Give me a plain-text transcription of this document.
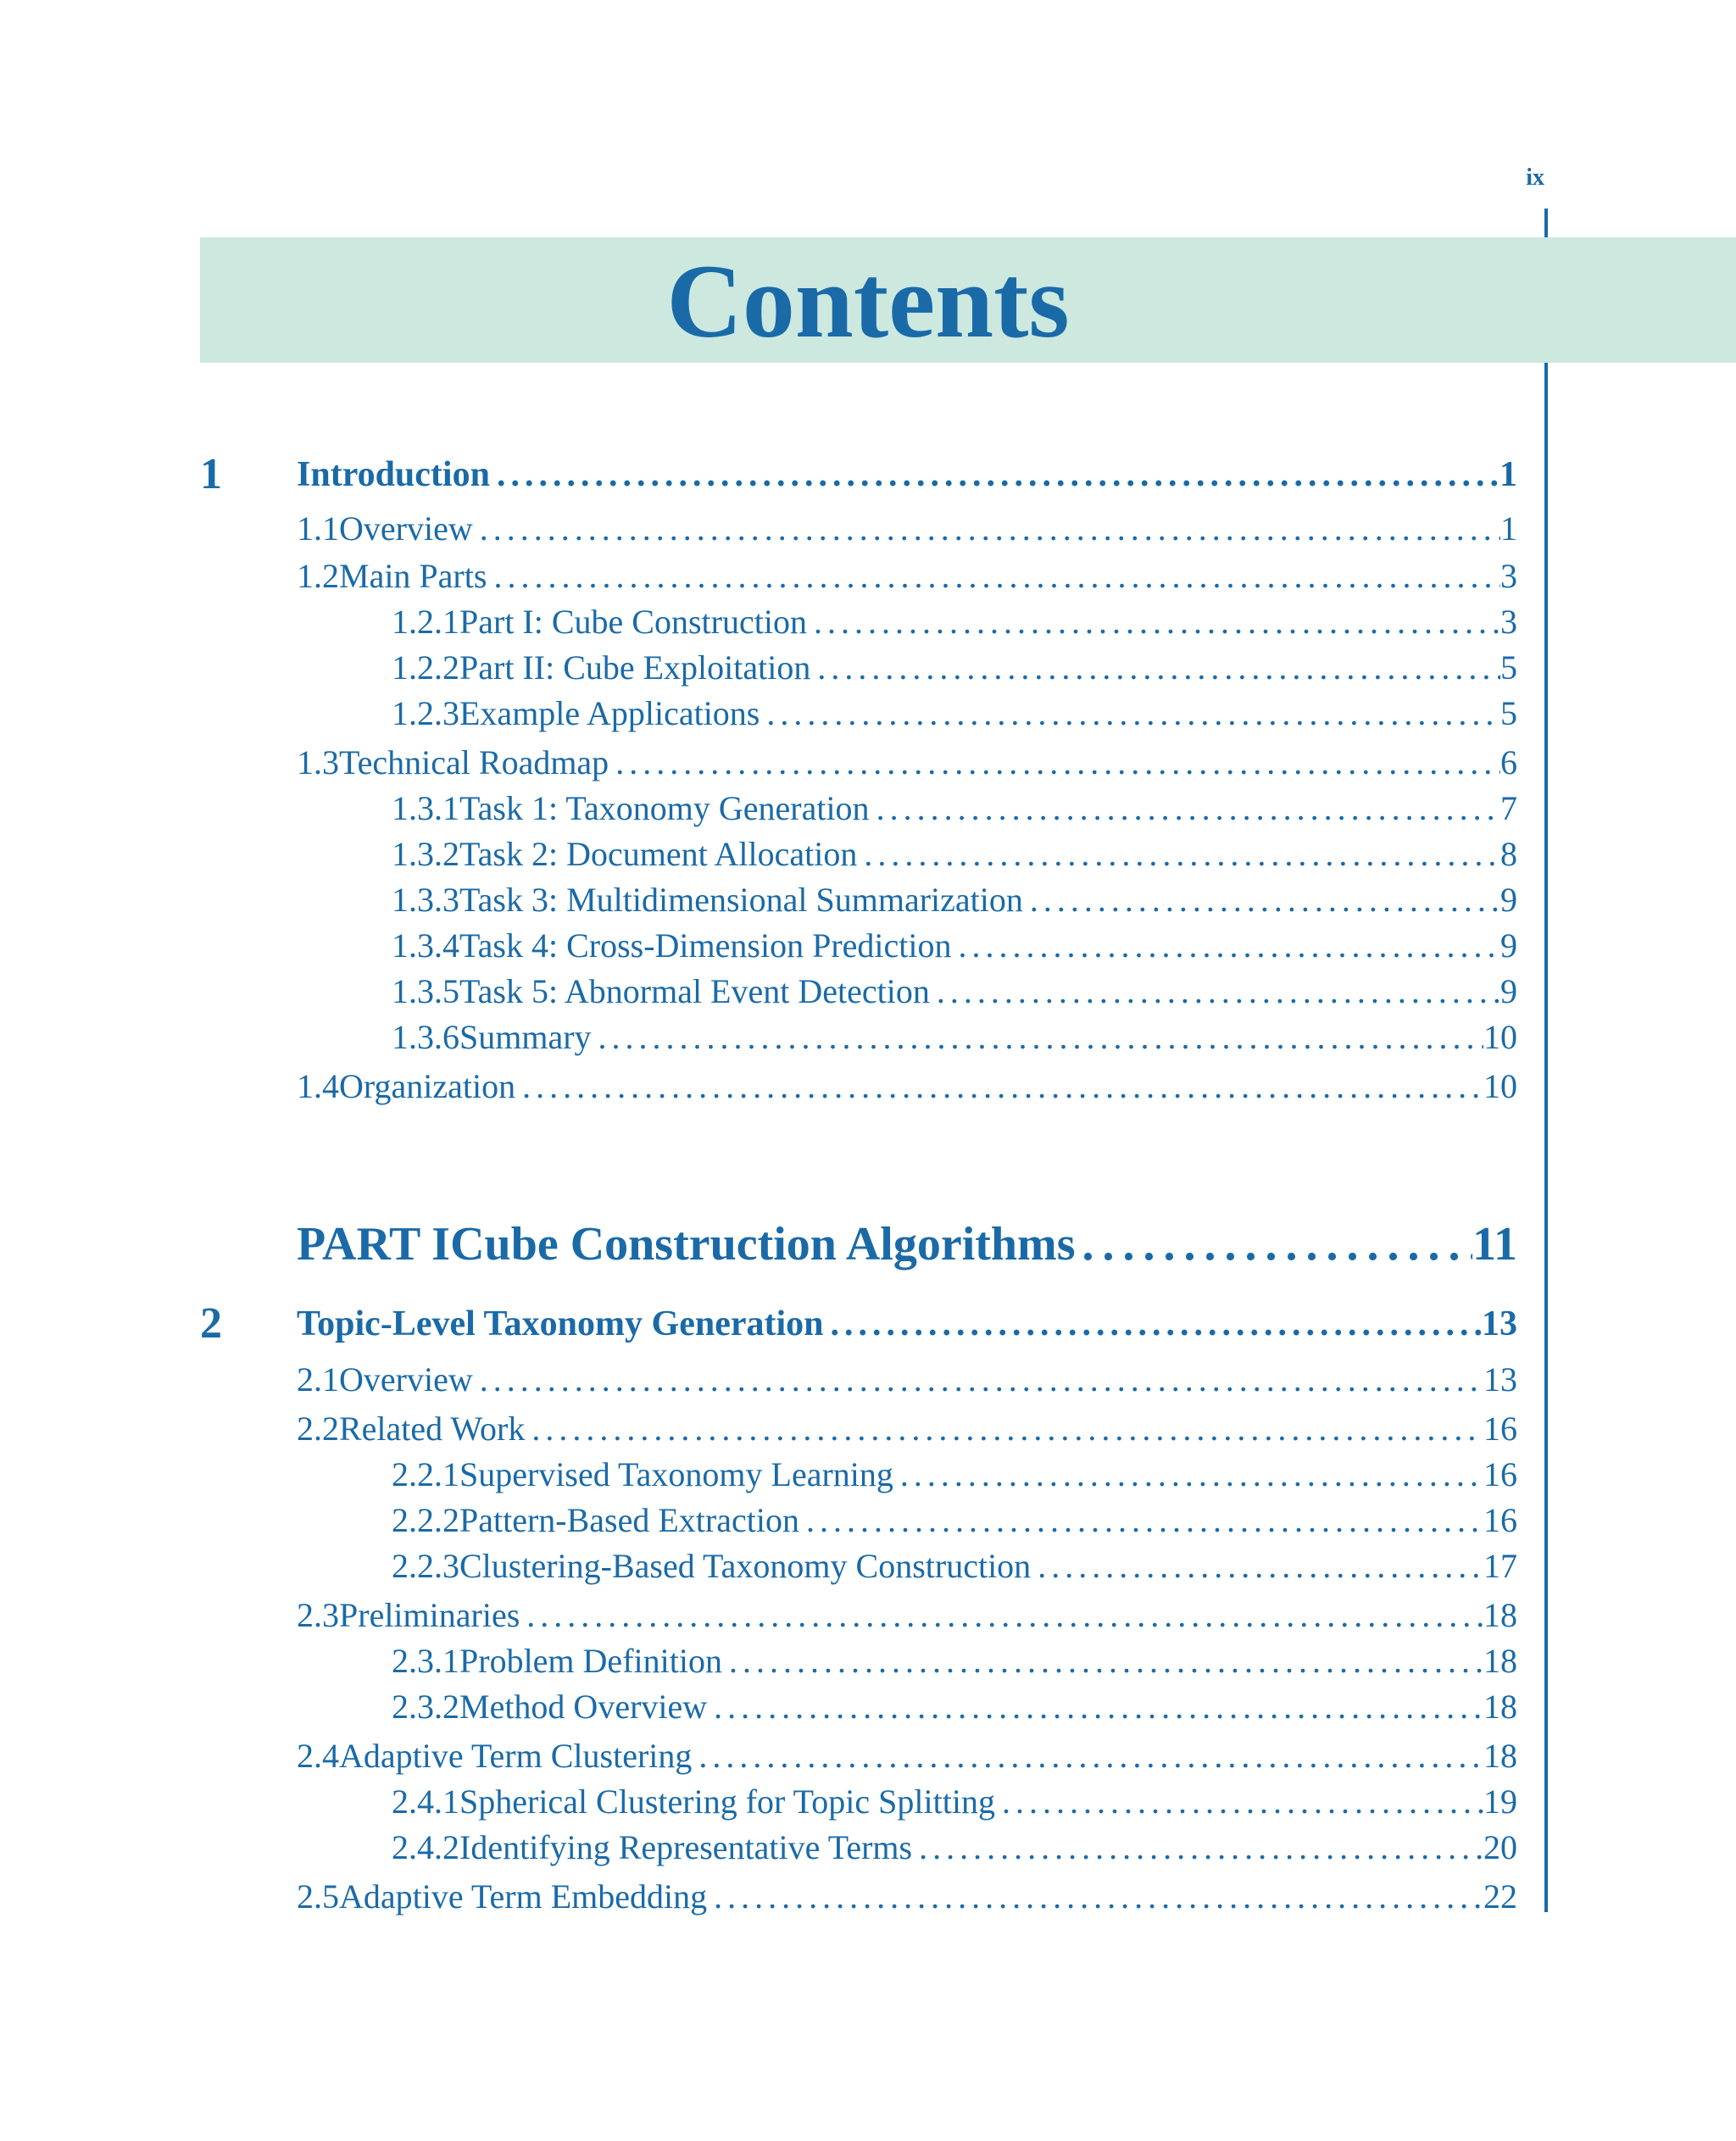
ix
Contents
1 Introduction .....	1
1.1 Overview .....	1
1.2 Main Parts .....	3
1.2.1 Part I: Cube Construction .....	3
1.2.2 Part II: Cube Exploitation .....	5
1.2.3 Example Applications .....	5
1.3 Technical Roadmap .....	6
1.3.1 Task 1: Taxonomy Generation .....	7
1.3.2 Task 2: Document Allocation .....	8
1.3.3 Task 3: Multidimensional Summarization .....	9
1.3.4 Task 4: Cross-Dimension Prediction .....	9
1.3.5 Task 5: Abnormal Event Detection .....	9
1.3.6 Summary .....	10
1.4 Organization .....	10
PART I Cube Construction Algorithms .....	11
2 Topic-Level Taxonomy Generation .....	13
2.1 Overview .....	13
2.2 Related Work .....	16
2.2.1 Supervised Taxonomy Learning .....	16
2.2.2 Pattern-Based Extraction .....	16
2.2.3 Clustering-Based Taxonomy Construction .....	17
2.3 Preliminaries .....	18
2.3.1 Problem Definition .....	18
2.3.2 Method Overview .....	18
2.4 Adaptive Term Clustering .....	18
2.4.1 Spherical Clustering for Topic Splitting .....	19
2.4.2 Identifying Representative Terms .....	20
2.5 Adaptive Term Embedding .....	22
